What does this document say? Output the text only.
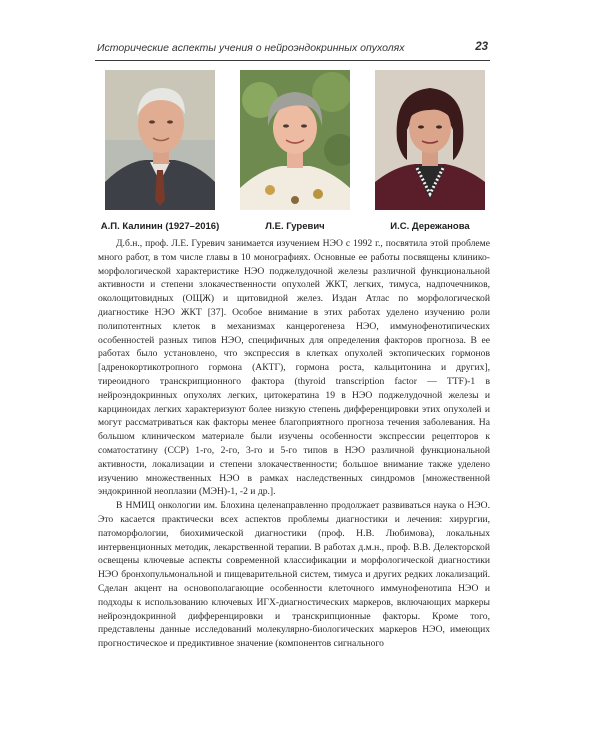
Исторические аспекты учения о нейроэндокринных опухолях	23
А.П. Калинин (1927–2016)	Л.Е. Гуревич	И.С. Дережанова

Д.б.н., проф. Л.Е. Гуревич занимается изучением НЭО с 1992 г., посвятила этой проблеме много работ, в том числе главы в 10 монографиях. Основные ее работы посвящены клинико-морфологической характеристике НЭО поджелудочной железы различной функциональной активности и степени злокачественности опухолей ЖКТ, легких, тимуса, надпочечников, околощитовидных (ОЩЖ) и щитовидной желез. Издан Атлас по морфологической диагностике НЭО ЖКТ [37]. Особое внимание в этих работах уделено изучению роли полипотентных клеток в механизмах канцерогенеза НЭО, иммунофенотипических особенностей разных типов НЭО, специфичных для определения факторов прогноза. В ее работах было установлено, что экспрессия в клетках опухолей эктопических гормонов [адренокортикотропного гормона (АКТГ), гормона роста, кальцитонина и других], тиреоидного транскрипционного фактора (thyroid transcription factor — TTF)-1 в нейроэндокринных опухолях легких, цитокератина 19 в НЭО поджелудочной железы и карциноидах легких характеризуют более низкую степень дифференцировки этих опухолей и могут рассматриваться как факторы менее благоприятного прогноза течения заболевания. На большом клиническом материале были изучены особенности экспрессии рецепторов к соматостатину (ССР) 1-го, 2-го, 3-го и 5-го типов в НЭО различной функциональной активности, локализации и степени злокачественности; большое внимание также уделено изучению множественных НЭО в рамках наследственных синдромов [множественной эндокринной неоплазии (МЭН)-1, -2 и др.].

В НМИЦ онкологии им. Блохина целенаправленно продолжает развиваться наука о НЭО. Это касается практически всех аспектов проблемы диагностики и лечения: хирургии, патоморфологии, биохимической диагностики (проф. Н.В. Любимова), локальных интервенционных методик, лекарственной терапии. В работах д.м.н., проф. В.В. Делекторской освещены ключевые аспекты современной классификации и морфологической диагностики НЭО бронхопульмональной и пищеварительной систем, тимуса и других редких локализаций. Сделан акцент на основополагающие особенности клеточного иммунофенотипа НЭО и подходы к использованию ключевых ИГХ-диагностических маркеров, включающих маркеры нейроэндокринной дифференцировки и транскрипционные факторы. Кроме того, представлены данные исследований молекулярно-биологических маркеров НЭО, имеющих прогностическое и предиктивное значение (компонентов сигнального
